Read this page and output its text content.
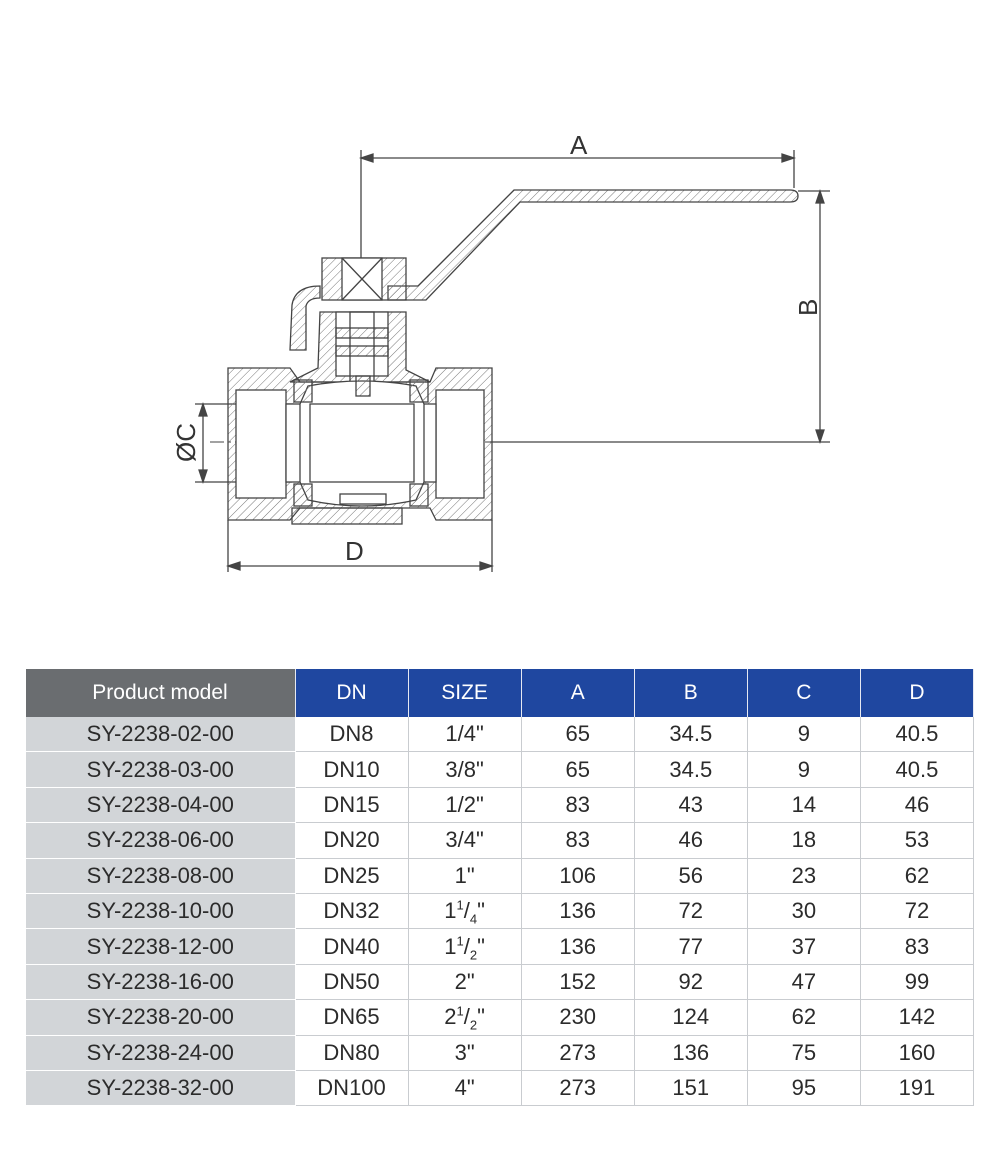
A
B
ØC
D
Product model	DN	SIZE	A	B	C	D
SY-2238-02-00	DN8	1/4"	65	34.5	9	40.5
SY-2238-03-00	DN10	3/8"	65	34.5	9	40.5
SY-2238-04-00	DN15	1/2"	83	43	14	46
SY-2238-06-00	DN20	3/4"	83	46	18	53
SY-2238-08-00	DN25	1"	106	56	23	62
SY-2238-10-00	DN32	$1^1/_4$"	136	72	30	72
SY-2238-12-00	DN40	$1^1/_2$"	136	77	37	83
SY-2238-16-00	DN50	2"	152	92	47	99
SY-2238-20-00	DN65	$2^1/_2$"	230	124	62	142
SY-2238-24-00	DN80	3"	273	136	75	160
SY-2238-32-00	DN100	4"	273	151	95	191
